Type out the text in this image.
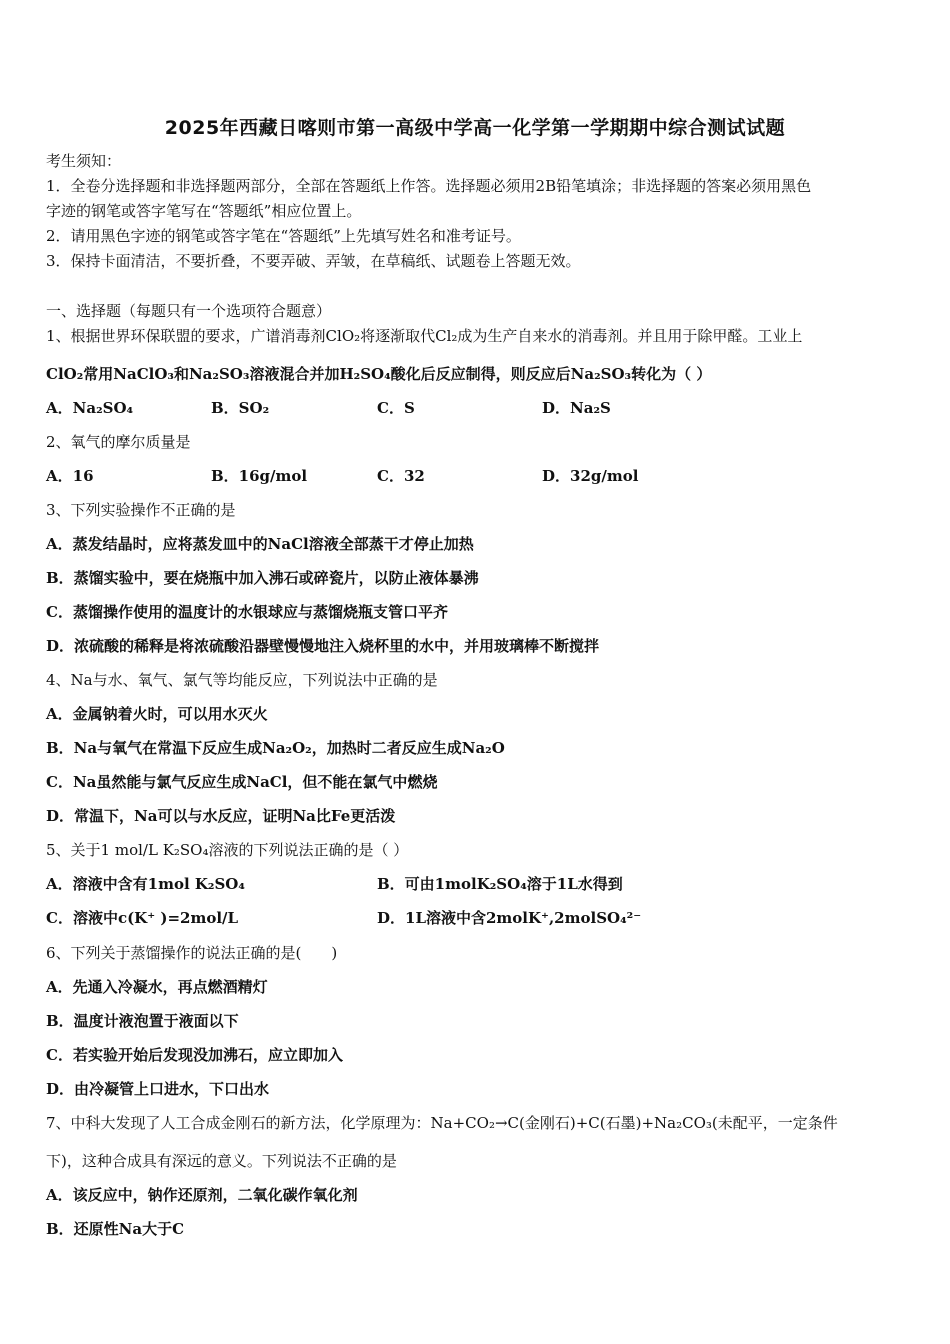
2025年西藏日喀则市第一高级中学高一化学第一学期期中综合测试试题
考生须知：
1．全卷分选择题和非选择题两部分，全部在答题纸上作答。选择题必须用2B铅笔填涂；非选择题的答案必须用黑色
字迹的钢笔或答字笔写在“答题纸”相应位置上。
2．请用黑色字迹的钢笔或答字笔在“答题纸”上先填写姓名和准考证号。
3．保持卡面清洁，不要折叠，不要弄破、弄皱，在草稿纸、试题卷上答题无效。
一、选择题（每题只有一个选项符合题意）
1、根据世界环保联盟的要求，广谱消毒剂ClO₂将逐渐取代Cl₂成为生产自来水的消毒剂。并且用于除甲醛。工业上
ClO₂常用NaClO₃和Na₂SO₃溶液混合并加H₂SO₄酸化后反应制得，则反应后Na₂SO₃转化为（ ）
A．Na₂SO₄	B．SO₂	C．S	D．Na₂S
2、氧气的摩尔质量是
A．16	B．16g/mol	C．32	D．32g/mol
3、下列实验操作不正确的是
A．蒸发结晶时，应将蒸发皿中的NaCl溶液全部蒸干才停止加热
B．蒸馏实验中，要在烧瓶中加入沸石或碎瓷片，以防止液体暴沸
C．蒸馏操作使用的温度计的水银球应与蒸馏烧瓶支管口平齐
D．浓硫酸的稀释是将浓硫酸沿器壁慢慢地注入烧杯里的水中，并用玻璃棒不断搅拌
4、Na与水、氧气、氯气等均能反应，下列说法中正确的是
A．金属钠着火时，可以用水灭火
B．Na与氧气在常温下反应生成Na₂O₂，加热时二者反应生成Na₂O
C．Na虽然能与氯气反应生成NaCl，但不能在氯气中燃烧
D．常温下，Na可以与水反应，证明Na比Fe更活泼
5、关于1 mol/L K₂SO₄溶液的下列说法正确的是（ ）
A．溶液中含有1mol K₂SO₄	B．可由1molK₂SO₄溶于1L水得到
C．溶液中c(K⁺ )=2mol/L	D．1L溶液中含2molK⁺,2molSO₄²⁻
6、下列关于蒸馏操作的说法正确的是(　　)
A．先通入冷凝水，再点燃酒精灯
B．温度计液泡置于液面以下
C．若实验开始后发现没加沸石，应立即加入
D．由冷凝管上口进水，下口出水
7、中科大发现了人工合成金刚石的新方法，化学原理为：Na+CO₂→C(金刚石)+C(石墨)+Na₂CO₃(未配平，一定条件
下)，这种合成具有深远的意义。下列说法不正确的是
A．该反应中，钠作还原剂，二氧化碳作氧化剂
B．还原性Na大于C
